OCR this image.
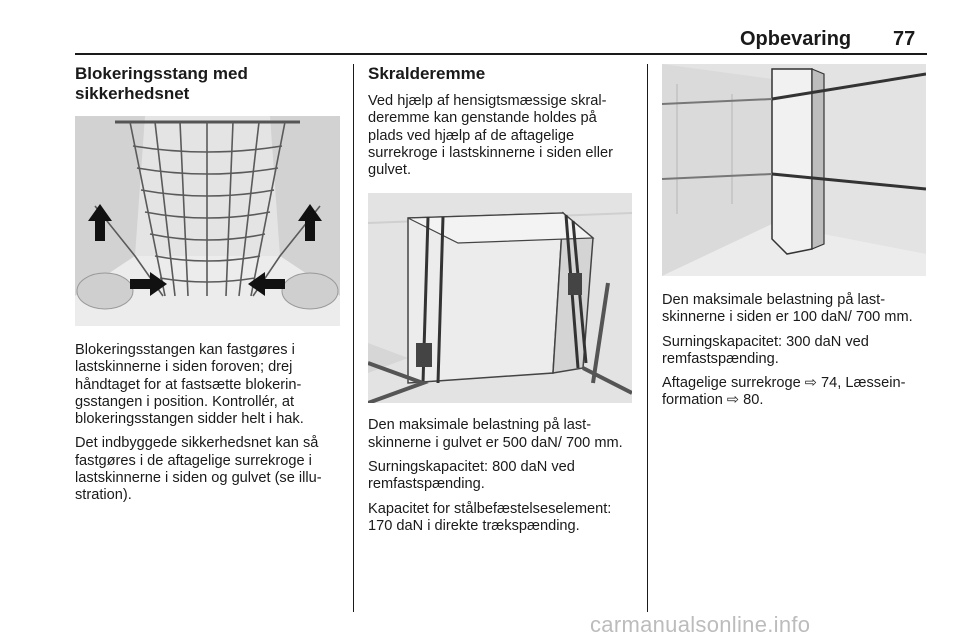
Opbevaring 77
Blokeringsstang med sikkerhedsnet

Blokeringsstangen kan fastgøres i lastskinnerne i siden foroven; drej håndtaget for at fastsætte blokeringsstangen i position. Kontrollér, at blokeringsstangen sidder helt i hak.

Det indbyggede sikkerhedsnet kan så fastgøres i de aftagelige surrekroge i lastskinnerne i siden og gulvet (se illustration).

Skralderemme

Ved hjælp af hensigtsmæssige skralderemme kan genstande holdes på plads ved hjælp af de aftagelige surrekroge i lastskinnerne i siden eller gulvet.

Den maksimale belastning på lastskinnerne i gulvet er 500 daN/ 700 mm.

Surningskapacitet: 800 daN ved remfastspænding.

Kapacitet for stålbefæstelseselement: 170 daN i direkte trækspænding.

Den maksimale belastning på lastskinnerne i siden er 100 daN/ 700 mm.

Surningskapacitet: 300 daN ved remfastspænding.

Aftagelige surrekroge ⇨ 74, Læsseinformation ⇨ 80.

carmanualsonline.info
